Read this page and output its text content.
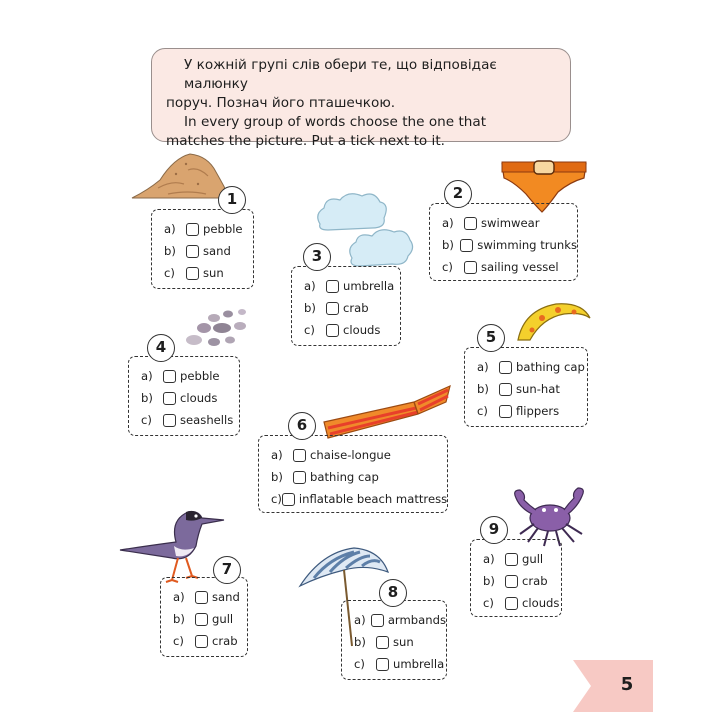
У кожній групі слів обери те, що відповідає малюнку

поруч. Познач його пташечкою.

In every group of words choose the one that

matches the picture. Put a tick next to it.

a)	pebble
b)	sand
c)	sun
1
a)	swimwear
b)	swimming trunks
c)	sailing vessel
2
a)	umbrella
b)	crab
c)	clouds
3
a)	pebble
b)	clouds
c)	seashells
4
a)	bathing cap
b)	sun-hat
c)	flippers
5
a)	chaise-longue
b)	bathing cap
c) inflatable beach mattress
6
a)	sand
b)	gull
c)	crab
7
a)	armbands
b)	sun
c)	umbrella
8
a)	gull
b)	crab
c)	clouds
9
5
